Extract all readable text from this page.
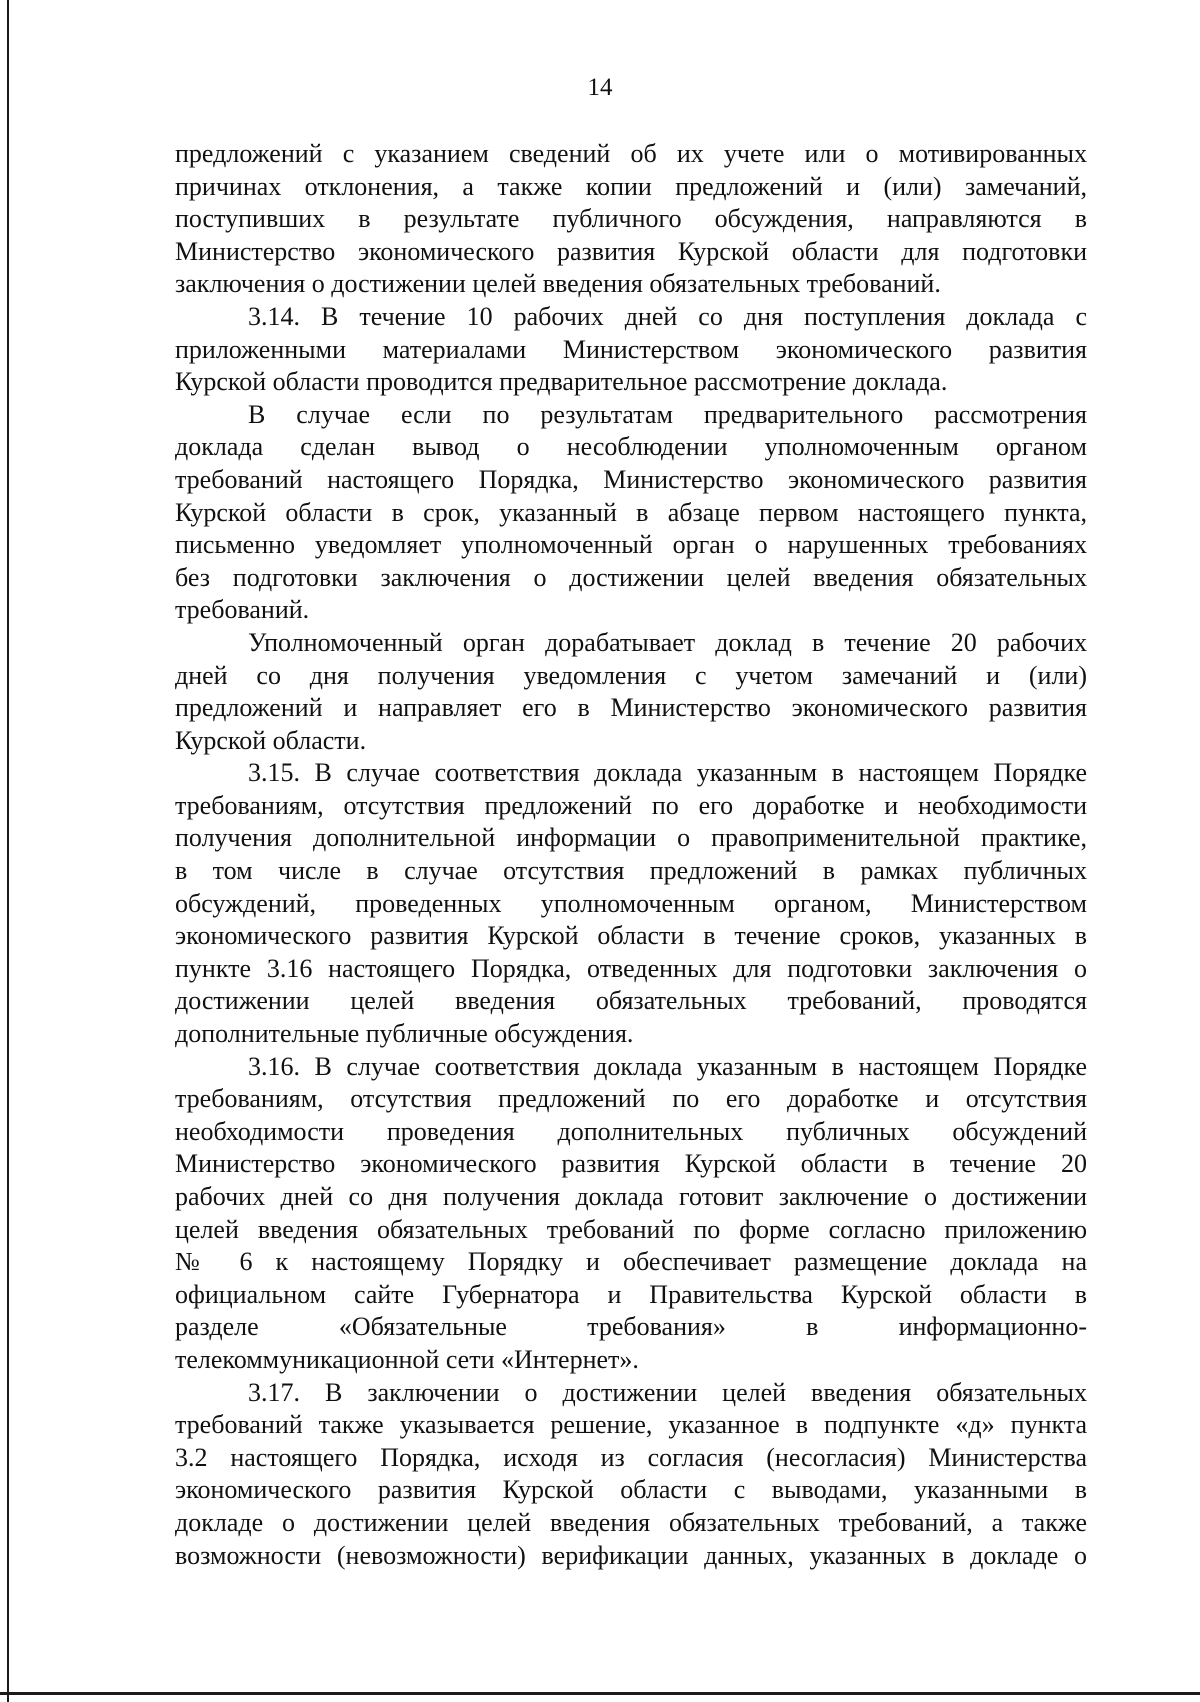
14
предложений с указанием сведений об их учете или о мотивированных
причинах отклонения, а также копии предложений и (или) замечаний,
поступивших в результате публичного обсуждения, направляются в
Министерство экономического развития Курской области для подготовки
заключения о достижении целей введения обязательных требований.
3.14. В течение 10 рабочих дней со дня поступления доклада с
приложенными материалами Министерством экономического развития
Курской области проводится предварительное рассмотрение доклада.
В случае если по результатам предварительного рассмотрения
доклада сделан вывод о несоблюдении уполномоченным органом
требований настоящего Порядка, Министерство экономического развития
Курской области в срок, указанный в абзаце первом настоящего пункта,
письменно уведомляет уполномоченный орган о нарушенных требованиях
без подготовки заключения о достижении целей введения обязательных
требований.
Уполномоченный орган дорабатывает доклад в течение 20 рабочих
дней со дня получения уведомления с учетом замечаний и (или)
предложений и направляет его в Министерство экономического развития
Курской области.
3.15. В случае соответствия доклада указанным в настоящем Порядке
требованиям, отсутствия предложений по его доработке и необходимости
получения дополнительной информации о правоприменительной практике,
в том числе в случае отсутствия предложений в рамках публичных
обсуждений, проведенных уполномоченным органом, Министерством
экономического развития Курской области в течение сроков, указанных в
пункте 3.16 настоящего Порядка, отведенных для подготовки заключения о
достижении целей введения обязательных требований, проводятся
дополнительные публичные обсуждения.
3.16. В случае соответствия доклада указанным в настоящем Порядке
требованиям, отсутствия предложений по его доработке и отсутствия
необходимости проведения дополнительных публичных обсуждений
Министерство экономического развития Курской области в течение 20
рабочих дней со дня получения доклада готовит заключение о достижении
целей введения обязательных требований по форме согласно приложению
№ 6 к настоящему Порядку и обеспечивает размещение доклада на
официальном сайте Губернатора и Правительства Курской области в
разделе «Обязательные требования» в информационно-
телекоммуникационной сети «Интернет».
3.17. В заключении о достижении целей введения обязательных
требований также указывается решение, указанное в подпункте «д» пункта
3.2 настоящего Порядка, исходя из согласия (несогласия) Министерства
экономического развития Курской области с выводами, указанными в
докладе о достижении целей введения обязательных требований, а также
возможности (невозможности) верификации данных, указанных в докладе о
